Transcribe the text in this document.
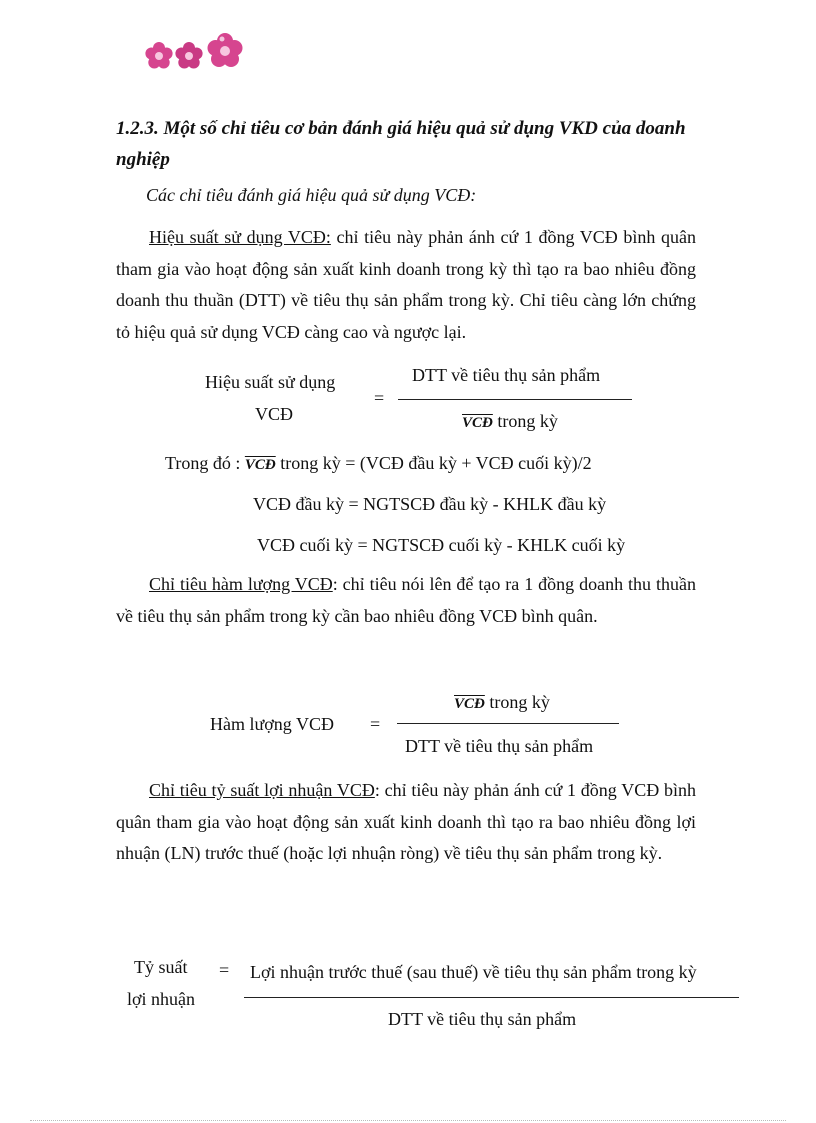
1.2.3. Một số chỉ tiêu cơ bản đánh giá hiệu quả sử dụng VKD của doanh nghiệp
Các chỉ tiêu đánh giá hiệu quả sử dụng VCĐ:
Hiệu suất sử dụng VCĐ: chỉ tiêu này phản ánh cứ 1 đồng VCĐ bình quân tham gia vào hoạt động sản xuất kinh doanh trong kỳ thì tạo ra bao nhiêu đồng doanh thu thuần (DTT) về tiêu thụ sản phẩm trong kỳ. Chỉ tiêu càng lớn chứng tỏ hiệu quả sử dụng VCĐ càng cao và ngược lại.
Hiệu suất sử dụng
VCĐ
=
DTT về tiêu thụ sản phẩm
$\overline{VCĐ}$ trong kỳ
Trong đó : $\overline{VCĐ}$ trong kỳ = (VCĐ đầu kỳ + VCĐ cuối kỳ)/2
VCĐ đầu kỳ = NGTSCĐ đầu kỳ - KHLK đầu kỳ
VCĐ cuối kỳ = NGTSCĐ cuối kỳ - KHLK cuối kỳ
Chỉ tiêu hàm lượng VCĐ: chỉ tiêu nói lên để tạo ra 1 đồng doanh thu thuần về tiêu thụ sản phẩm trong kỳ cần bao nhiêu đồng VCĐ bình quân.
Hàm lượng VCĐ =
$\overline{VCĐ}$ trong kỳ
DTT về tiêu thụ sản phẩm
Chỉ tiêu tỷ suất lợi nhuận VCĐ: chỉ tiêu này phản ánh cứ 1 đồng VCĐ bình quân tham gia vào hoạt động sản xuất kinh doanh thì tạo ra bao nhiêu đồng lợi nhuận (LN) trước thuế (hoặc lợi nhuận ròng) về tiêu thụ sản phẩm trong kỳ.
Tỷ suất
lợi nhuận
= Lợi nhuận trước thuế (sau thuế) về tiêu thụ sản phẩm trong kỳ
DTT về tiêu thụ sản phẩm
